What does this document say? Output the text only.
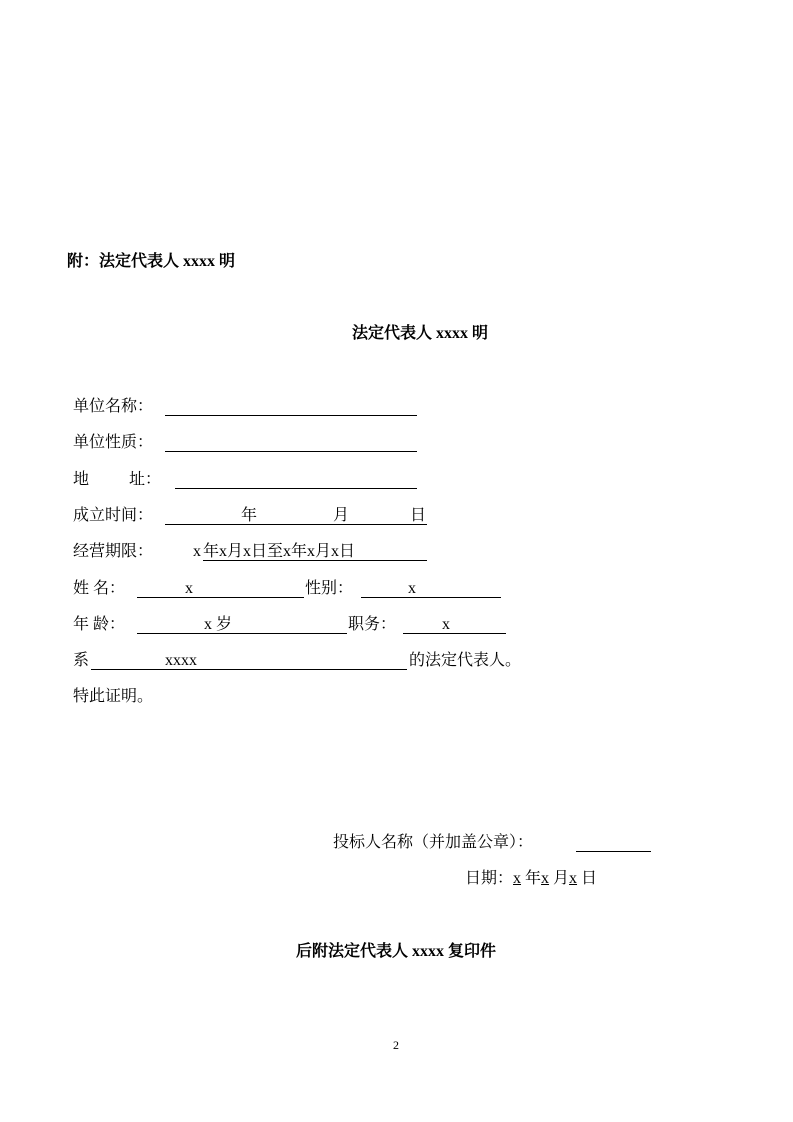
附：法定代表人 xxxx 明
法定代表人 xxxx 明
单位名称：
单位性质：
地 址：
成立时间：	年	月	日
经营期限： x 年x月x日至x年x月x日
姓 名：	x	性别：	x
年 龄：	x 岁	职务：	x
系	xxxx	的法定代表人。
特此证明。
投标人名称（并加盖公章）：
日期：x 年x 月x 日
后附法定代表人 xxxx 复印件
2
